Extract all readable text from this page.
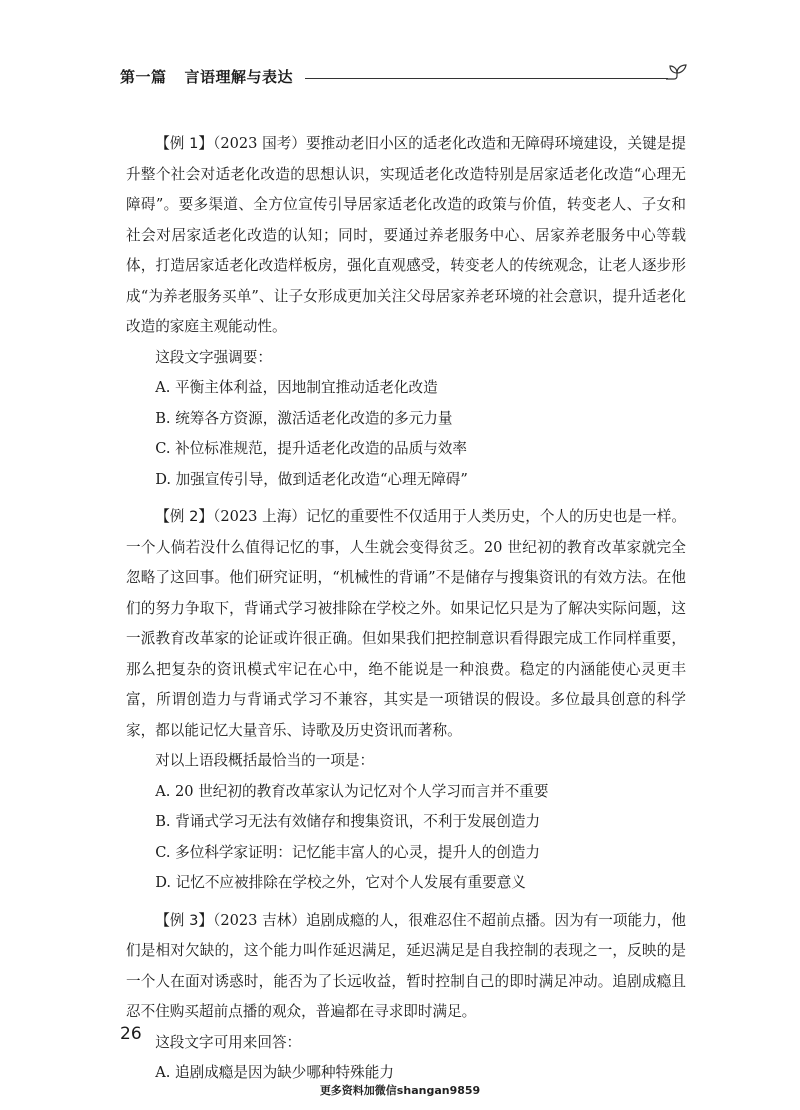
第一篇 言语理解与表达

【例 1】（2023 国考）要推动老旧小区的适老化改造和无障碍环境建设，关键是提升整个社会对适老化改造的思想认识，实现适老化改造特别是居家适老化改造“心理无障碍”。要多渠道、全方位宣传引导居家适老化改造的政策与价值，转变老人、子女和社会对居家适老化改造的认知；同时，要通过养老服务中心、居家养老服务中心等载体，打造居家适老化改造样板房，强化直观感受，转变老人的传统观念，让老人逐步形成“为养老服务买单”、让子女形成更加关注父母居家养老环境的社会意识，提升适老化改造的家庭主观能动性。

这段文字强调要：

A. 平衡主体利益，因地制宜推动适老化改造

B. 统筹各方资源，激活适老化改造的多元力量

C. 补位标准规范，提升适老化改造的品质与效率

D. 加强宣传引导，做到适老化改造“心理无障碍”

【例 2】（2023 上海）记忆的重要性不仅适用于人类历史，个人的历史也是一样。一个人倘若没什么值得记忆的事，人生就会变得贫乏。20 世纪初的教育改革家就完全忽略了这回事。他们研究证明，“机械性的背诵”不是储存与搜集资讯的有效方法。在他们的努力争取下，背诵式学习被排除在学校之外。如果记忆只是为了解决实际问题，这一派教育改革家的论证或许很正确。但如果我们把控制意识看得跟完成工作同样重要，那么把复杂的资讯模式牢记在心中，绝不能说是一种浪费。稳定的内涵能使心灵更丰富，所谓创造力与背诵式学习不兼容，其实是一项错误的假设。多位最具创意的科学家，都以能记忆大量音乐、诗歌及历史资讯而著称。

对以上语段概括最恰当的一项是：

A. 20 世纪初的教育改革家认为记忆对个人学习而言并不重要

B. 背诵式学习无法有效储存和搜集资讯，不利于发展创造力

C. 多位科学家证明：记忆能丰富人的心灵，提升人的创造力

D. 记忆不应被排除在学校之外，它对个人发展有重要意义

【例 3】（2023 吉林）追剧成瘾的人，很难忍住不超前点播。因为有一项能力，他们是相对欠缺的，这个能力叫作延迟满足，延迟满足是自我控制的表现之一，反映的是一个人在面对诱惑时，能否为了长远收益，暂时控制自己的即时满足冲动。追剧成瘾且忍不住购买超前点播的观众，普遍都在寻求即时满足。

这段文字可用来回答：

A. 追剧成瘾是因为缺少哪种特殊能力

26
更多资料加微信shangan9859
